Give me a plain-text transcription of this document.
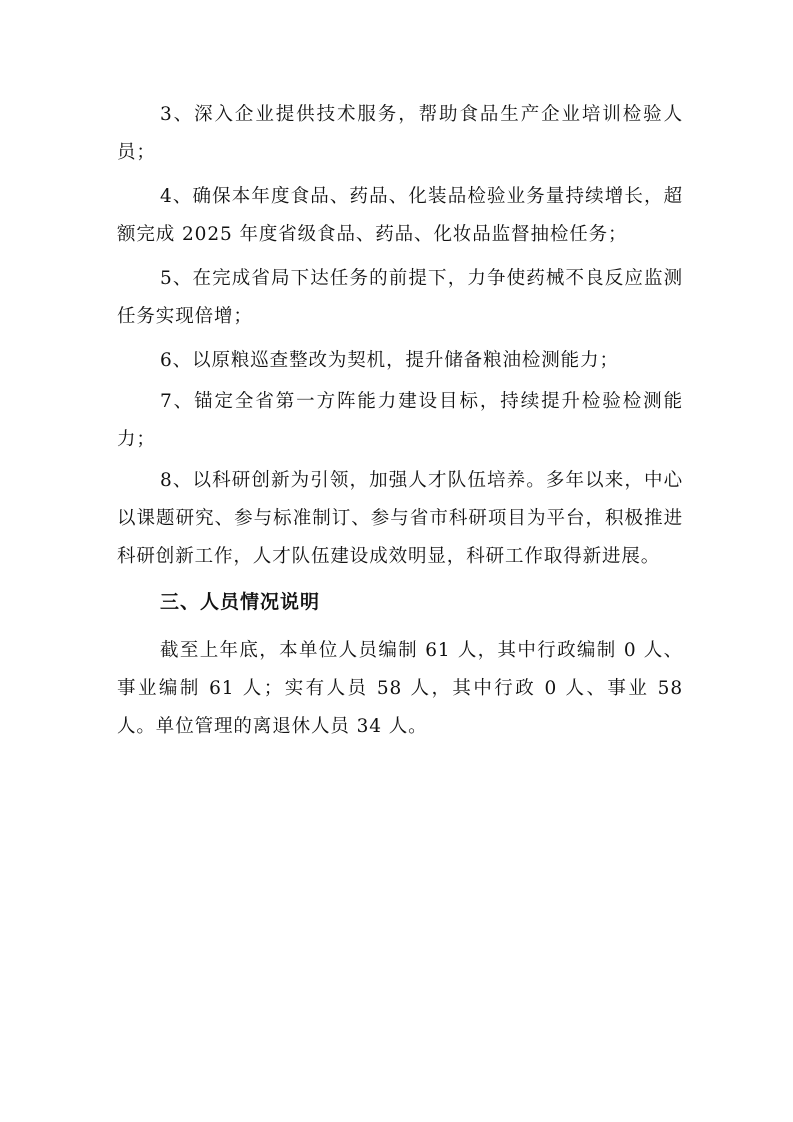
3、深入企业提供技术服务，帮助食品生产企业培训检验人员；

4、确保本年度食品、药品、化装品检验业务量持续增长，超额完成 2025 年度省级食品、药品、化妆品监督抽检任务；

5、在完成省局下达任务的前提下，力争使药械不良反应监测任务实现倍增；

6、以原粮巡查整改为契机，提升储备粮油检测能力；

7、锚定全省第一方阵能力建设目标，持续提升检验检测能力；

8、以科研创新为引领，加强人才队伍培养。多年以来，中心以课题研究、参与标准制订、参与省市科研项目为平台，积极推进科研创新工作，人才队伍建设成效明显，科研工作取得新进展。

三、人员情况说明

截至上年底，本单位人员编制 61 人，其中行政编制 0 人、事业编制 61 人；实有人员 58 人，其中行政 0 人、事业 58 人。单位管理的离退休人员 34 人。
